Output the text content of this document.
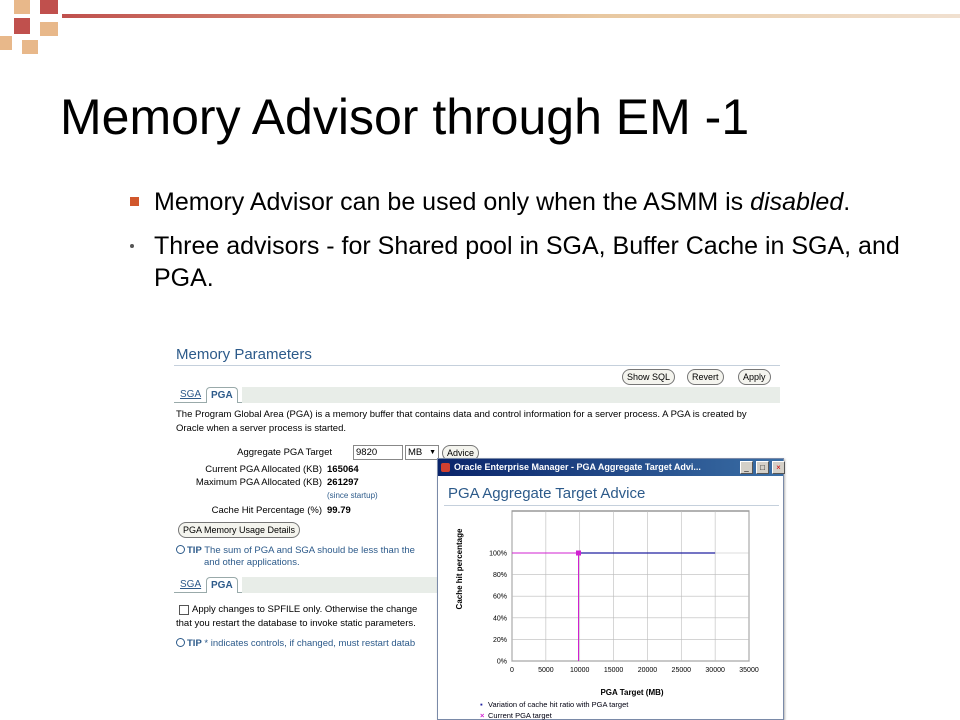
Memory Advisor through EM -1
Memory Advisor can be used only when the ASMM is disabled.
Three advisors - for Shared pool in SGA, Buffer Cache in SGA, and PGA.
Memory Parameters
Show SQL	Revert	Apply
SGA PGA
The Program Global Area (PGA) is a memory buffer that contains data and control information for a server process. A PGA is created by Oracle when a server process is started.
Aggregate PGA Target	9820	MB ▼	Advice
Current PGA Allocated (KB) 165064
Maximum PGA Allocated (KB) 261297
(since startup)
Cache Hit Percentage (%) 99.79
PGA Memory Usage Details
TIP The sum of PGA and SGA should be less than the
and other applications.
SGA PGA
Apply changes to SPFILE only. Otherwise the change
that you restart the database to invoke static parameters.
TIP * indicates controls, if changed, must restart datab
Oracle Enterprise Manager - PGA Aggregate Target Advi...	_	□	×
PGA Aggregate Target Advice
0	5000 10000 15000 20000 25000 30000 35000
0%
20%
40%
60%
80%
100%
Cache hit percentage
PGA Target (MB)
▪ Variation of cache hit ratio with PGA target
× Current PGA target
